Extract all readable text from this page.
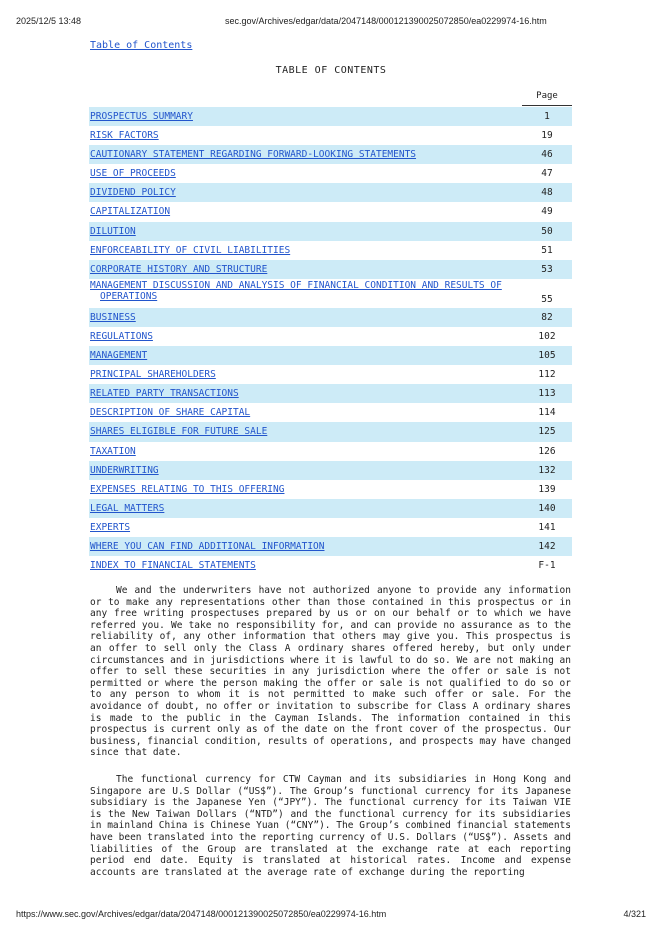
2025/12/5 13:48	sec.gov/Archives/edgar/data/2047148/000121390025072850/ea0229974-16.htm
Table of Contents
TABLE OF CONTENTS
Page
PROSPECTUS SUMMARY	1
RISK FACTORS	19
CAUTIONARY STATEMENT REGARDING FORWARD-LOOKING STATEMENTS	46
USE OF PROCEEDS	47
DIVIDEND POLICY	48
CAPITALIZATION	49
DILUTION	50
ENFORCEABILITY OF CIVIL LIABILITIES	51
CORPORATE HISTORY AND STRUCTURE	53
MANAGEMENT DISCUSSION AND ANALYSIS OF FINANCIAL CONDITION AND RESULTS OF
OPERATIONS	55
BUSINESS	82
REGULATIONS	102
MANAGEMENT	105
PRINCIPAL SHAREHOLDERS	112
RELATED PARTY TRANSACTIONS	113
DESCRIPTION OF SHARE CAPITAL	114
SHARES ELIGIBLE FOR FUTURE SALE	125
TAXATION	126
UNDERWRITING	132
EXPENSES RELATING TO THIS OFFERING	139
LEGAL MATTERS	140
EXPERTS	141
WHERE YOU CAN FIND ADDITIONAL INFORMATION	142
INDEX TO FINANCIAL STATEMENTS	F-1

We and the underwriters have not authorized anyone to provide any information or to make any representations other than those contained in this prospectus or in any free writing prospectuses prepared by us or on our behalf or to which we have referred you. We take no responsibility for, and can provide no assurance as to the reliability of, any other information that others may give you. This prospectus is an offer to sell only the Class A ordinary shares offered hereby, but only under circumstances and in jurisdictions where it is lawful to do so. We are not making an offer to sell these securities in any jurisdiction where the offer or sale is not permitted or where the person making the offer or sale is not qualified to do so or to any person to whom it is not permitted to make such offer or sale. For the avoidance of doubt, no offer or invitation to subscribe for Class A ordinary shares is made to the public in the Cayman Islands. The information contained in this prospectus is current only as of the date on the front cover of the prospectus. Our business, financial condition, results of operations, and prospects may have changed since that date.

The functional currency for CTW Cayman and its subsidiaries in Hong Kong and Singapore are U.S Dollar (“US$”). The Group’s functional currency for its Japanese subsidiary is the Japanese Yen (“JPY”). The functional currency for its Taiwan VIE is the New Taiwan Dollars (“NTD”) and the functional currency for its subsidiaries in mainland China is Chinese Yuan (“CNY”). The Group’s combined financial statements have been translated into the reporting currency of U.S. Dollars (“US$”). Assets and liabilities of the Group are translated at the exchange rate at each reporting period end date. Equity is translated at historical rates. Income and expense accounts are translated at the average rate of exchange during the reporting

https://www.sec.gov/Archives/edgar/data/2047148/000121390025072850/ea0229974-16.htm	4/321
